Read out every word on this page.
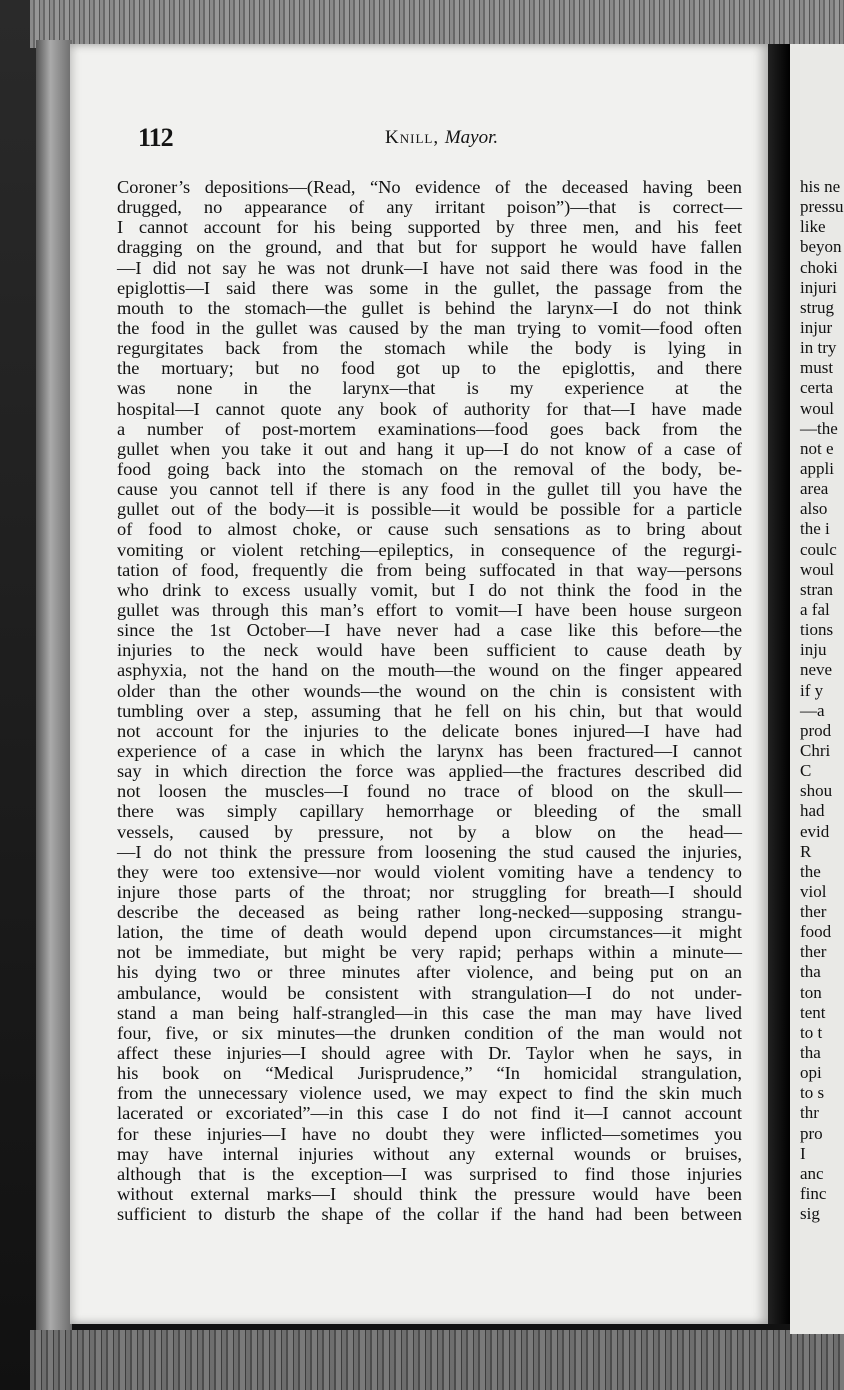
112	Knill, Mayor.
Coroner’s depositions—(Read, “No evidence of the deceased having been
drugged, no appearance of any irritant poison”)—that is correct—
I cannot account for his being supported by three men, and his feet
dragging on the ground, and that but for support he would have fallen
—I did not say he was not drunk—I have not said there was food in the
epiglottis—I said there was some in the gullet, the passage from the
mouth to the stomach—the gullet is behind the larynx—I do not think
the food in the gullet was caused by the man trying to vomit—food often
regurgitates back from the stomach while the body is lying in
the mortuary; but no food got up to the epiglottis, and there
was none in the larynx—that is my experience at the
hospital—I cannot quote any book of authority for that—I have made
a number of post-mortem examinations—food goes back from the
gullet when you take it out and hang it up—I do not know of a case of
food going back into the stomach on the removal of the body, be-
cause you cannot tell if there is any food in the gullet till you have the
gullet out of the body—it is possible—it would be possible for a particle
of food to almost choke, or cause such sensations as to bring about
vomiting or violent retching—epileptics, in consequence of the regurgi-
tation of food, frequently die from being suffocated in that way—persons
who drink to excess usually vomit, but I do not think the food in the
gullet was through this man’s effort to vomit—I have been house surgeon
since the 1st October—I have never had a case like this before—the
injuries to the neck would have been sufficient to cause death by
asphyxia, not the hand on the mouth—the wound on the finger appeared
older than the other wounds—the wound on the chin is consistent with
tumbling over a step, assuming that he fell on his chin, but that would
not account for the injuries to the delicate bones injured—I have had
experience of a case in which the larynx has been fractured—I cannot
say in which direction the force was applied—the fractures described did
not loosen the muscles—I found no trace of blood on the skull—
there was simply capillary hemorrhage or bleeding of the small
vessels, caused by pressure, not by a blow on the head—
—I do not think the pressure from loosening the stud caused the injuries,
they were too extensive—nor would violent vomiting have a tendency to
injure those parts of the throat; nor struggling for breath—I should
describe the deceased as being rather long-necked—supposing strangu-
lation, the time of death would depend upon circumstances—it might
not be immediate, but might be very rapid; perhaps within a minute—
his dying two or three minutes after violence, and being put on an
ambulance, would be consistent with strangulation—I do not under-
stand a man being half-strangled—in this case the man may have lived
four, five, or six minutes—the drunken condition of the man would not
affect these injuries—I should agree with Dr. Taylor when he says, in
his book on “Medical Jurisprudence,” “In homicidal strangulation,
from the unnecessary violence used, we may expect to find the skin much
lacerated or excoriated”—in this case I do not find it—I cannot account
for these injuries—I have no doubt they were inflicted—sometimes you
may have internal injuries without any external wounds or bruises,
although that is the exception—I was surprised to find those injuries
without external marks—I should think the pressure would have been
sufficient to disturb the shape of the collar if the hand had been between
his ne
pressu
like
beyon
choki
injuri
strug
injur
in try
must
certa
woul
—the
not e
appli
area
also
the i
coulc
woul
stran
a fal
tions
inju
neve
if y
—a
prod
Chri
C
shou
had
evid
R
the
viol
ther
food
ther
tha
ton
tent
to t
tha
opi
to s
thr
pro
I
anc
finc
sig
